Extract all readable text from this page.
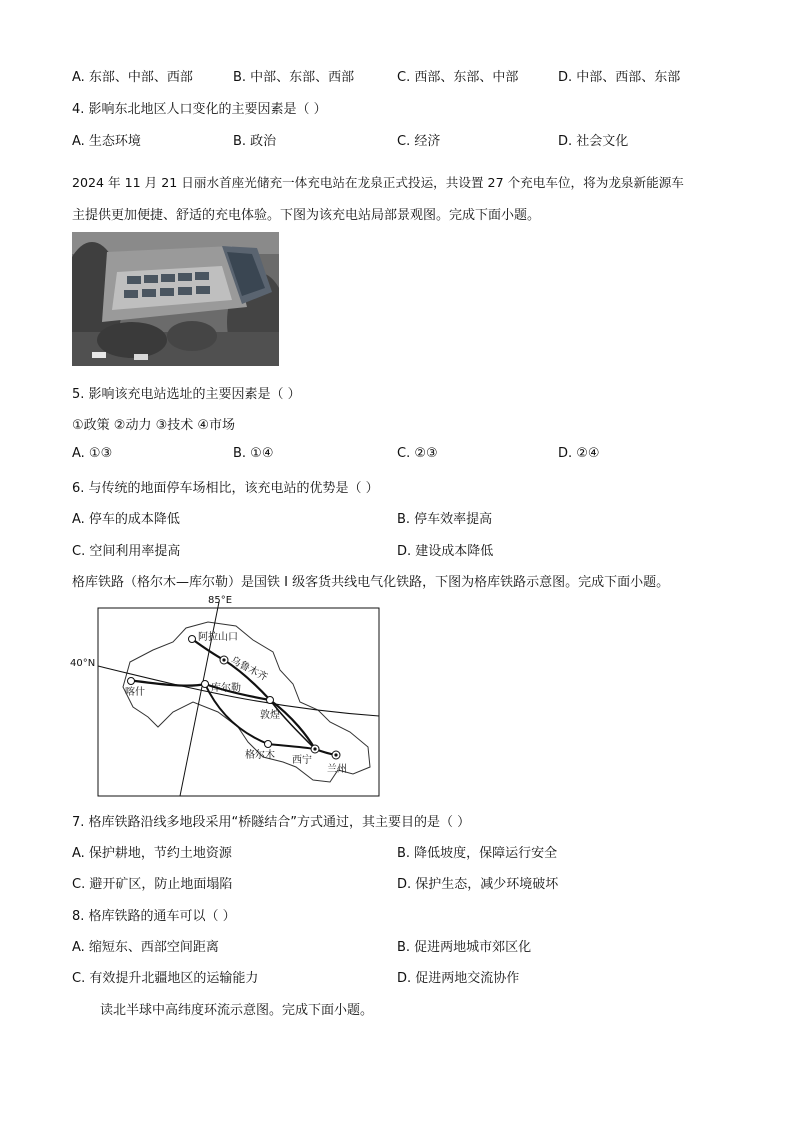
A. 东部、中部、西部	B. 中部、东部、西部	C. 西部、东部、中部	D. 中部、西部、东部
4. 影响东北地区人口变化的主要因素是（ ）
A. 生态环境	B. 政治	C. 经济	D. 社会文化
2024 年 11 月 21 日丽水首座光储充一体充电站在龙泉正式投运，共设置 27 个充电车位，将为龙泉新能源车
主提供更加便捷、舒适的充电体验。下图为该充电站局部景观图。完成下面小题。
5. 影响该充电站选址的主要因素是（ ）
①政策 ②动力 ③技术 ④市场
A. ①③	B. ①④	C. ②③	D. ②④
6. 与传统的地面停车场相比，该充电站的优势是（ ）
A. 停车的成本降低	B. 停车效率提高
C. 空间利用率提高	D. 建设成本降低
格库铁路（格尔木—库尔勒）是国铁 I 级客货共线电气化铁路，下图为格库铁路示意图。完成下面小题。
85°E
40°N
阿拉山口
乌鲁木齐
喀什	库尔勒
敦煌
格尔木 西宁
兰州
7. 格库铁路沿线多地段采用“桥隧结合”方式通过，其主要目的是（ ）
A. 保护耕地，节约土地资源	B. 降低坡度，保障运行安全
C. 避开矿区，防止地面塌陷	D. 保护生态，减少环境破坏
8. 格库铁路的通车可以（ ）
A. 缩短东、西部空间距离	B. 促进两地城市郊区化
C. 有效提升北疆地区的运输能力	D. 促进两地交流协作
读北半球中高纬度环流示意图。完成下面小题。
